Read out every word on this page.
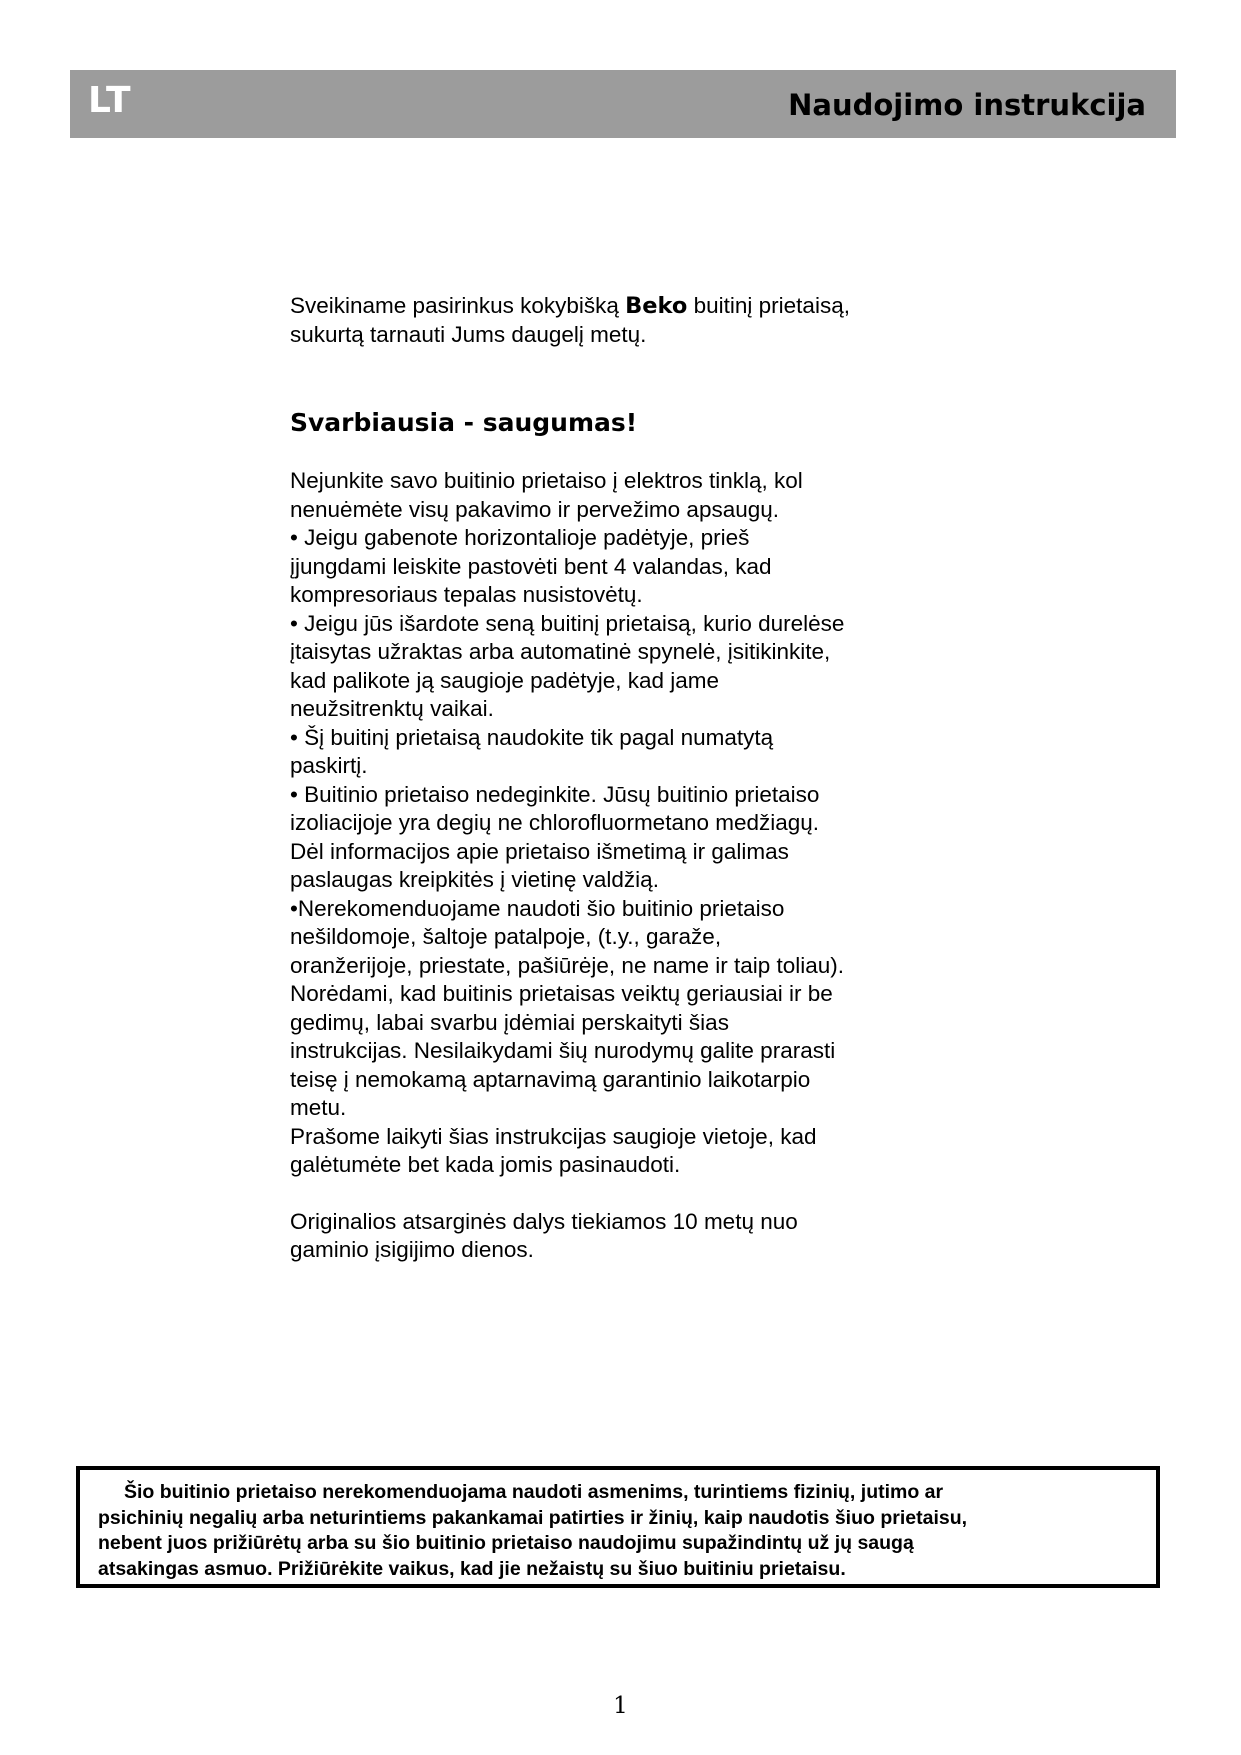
LT	Naudojimo instrukcija

Sveikiname pasirinkus kokybišką Beko buitinį prietaisą,
sukurtą tarnauti Jums daugelį metų.

Svarbiausia - saugumas!

Nejunkite savo buitinio prietaiso į elektros tinklą, kol

nenuėmėte visų pakavimo ir pervežimo apsaugų.

• Jeigu gabenote horizontalioje padėtyje, prieš

įjungdami leiskite pastovėti bent 4 valandas, kad

kompresoriaus tepalas nusistovėtų.

• Jeigu jūs išardote seną buitinį prietaisą, kurio durelėse

įtaisytas užraktas arba automatinė spynelė, įsitikinkite,

kad palikote ją saugioje padėtyje, kad jame

neužsitrenktų vaikai.

• Šį buitinį prietaisą naudokite tik pagal numatytą

paskirtį.

• Buitinio prietaiso nedeginkite. Jūsų buitinio prietaiso

izoliacijoje yra degių ne chlorofluormetano medžiagų.

Dėl informacijos apie prietaiso išmetimą ir galimas

paslaugas kreipkitės į vietinę valdžią.

•Nerekomenduojame naudoti šio buitinio prietaiso

nešildomoje, šaltoje patalpoje, (t.y., garaže,

oranžerijoje, priestate, pašiūrėje, ne name ir taip toliau).

Norėdami, kad buitinis prietaisas veiktų geriausiai ir be

gedimų, labai svarbu įdėmiai perskaityti šias

instrukcijas. Nesilaikydami šių nurodymų galite prarasti

teisę į nemokamą aptarnavimą garantinio laikotarpio

metu.

Prašome laikyti šias instrukcijas saugioje vietoje, kad

galėtumėte bet kada jomis pasinaudoti.

Originalios atsarginės dalys tiekiamos 10 metų nuo

gaminio įsigijimo dienos.

Šio buitinio prietaiso nerekomenduojama naudoti asmenims, turintiems fizinių, jutimo ar
psichinių negalių arba neturintiems pakankamai patirties ir žinių, kaip naudotis šiuo prietaisu,
nebent juos prižiūrėtų arba su šio buitinio prietaiso naudojimu supažindintų už jų saugą
atsakingas asmuo. Prižiūrėkite vaikus, kad jie nežaistų su šiuo buitiniu prietaisu.
1
